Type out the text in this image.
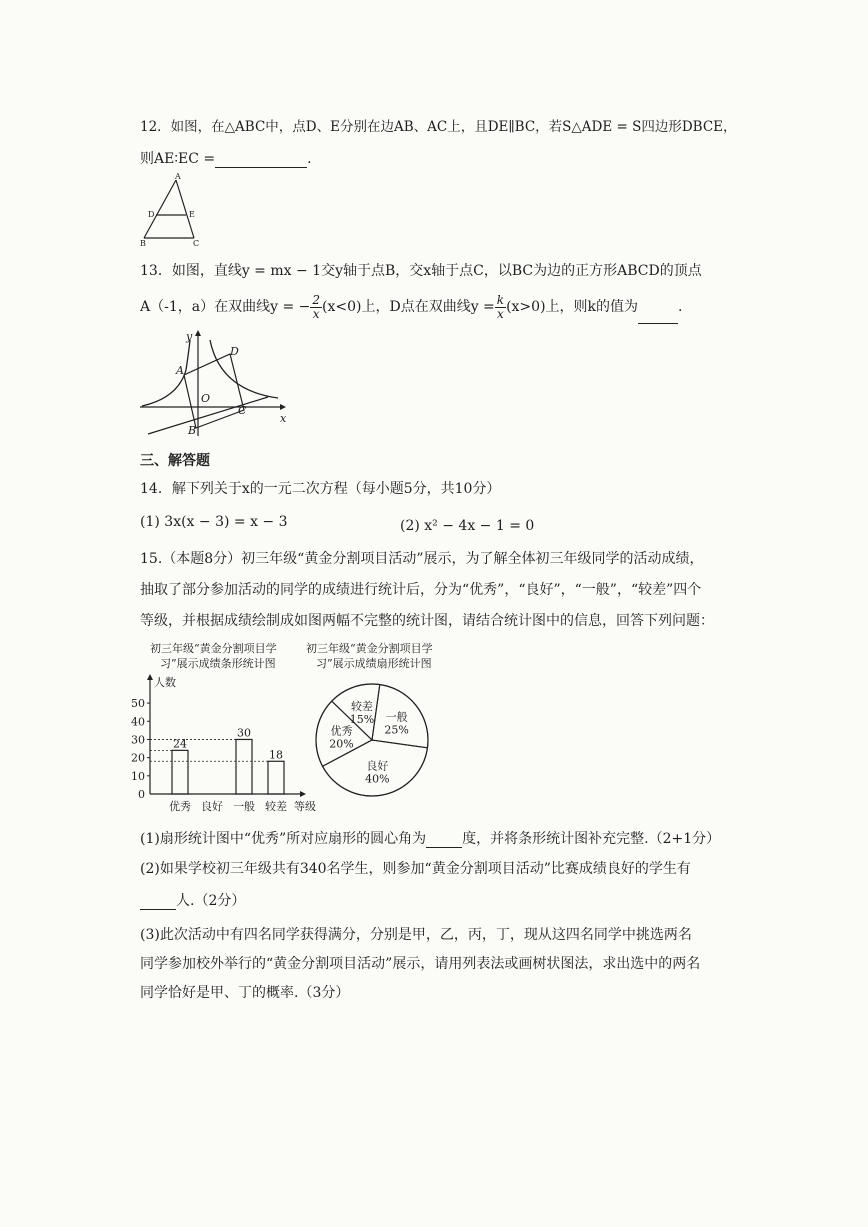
12．如图，在△ABC中，点D、E分别在边AB、AC上，且DE∥BC，若S△ADE = S四边形DBCE，
则AE∶EC =	.
A
D	E
B	C
13．如图，直线y = mx − 1交y轴于点B，交x轴于点C，以BC为边的正方形ABCD的顶点
A（-1，a）在双曲线y = − $\frac{2}{x} (x<0)$上，D点在双曲线$y = \frac{k}{x} (x>0)$上，则k的值为	.
y
x
O
A
B
C
D
三、解答题
14．解下列关于x的一元二次方程（每小题5分，共10分）
(1) 3x(x − 3) = x − 3	(2) x² − 4x − 1 = 0
15.（本题8分）初三年级“黄金分割项目活动”展示，为了解全体初三年级同学的活动成绩，
抽取了部分参加活动的同学的成绩进行统计后，分为“优秀”，“良好”，“一般”，“较差”四个
等级，并根据成绩绘制成如图两幅不完整的统计图，请结合统计图中的信息，回答下列问题：
初三年级“黄金分割项目学
习”展示成绩条形统计图
初三年级“黄金分割项目学
习”展示成绩扇形统计图
0
10
20
30
40
50
人数
等级
24
优秀 良好
30
一般
18
较差
一般
25%
良好
40%
优秀
20%
较差
15%
(1)扇形统计图中“优秀”所对应扇形的圆心角为	度，并将条形统计图补充完整.（2+1分）
(2)如果学校初三年级共有340名学生，则参加“黄金分割项目活动”比赛成绩良好的学生有
人.（2分）
(3)此次活动中有四名同学获得满分，分别是甲，乙，丙，丁，现从这四名同学中挑选两名
同学参加校外举行的“黄金分割项目活动”展示，请用列表法或画树状图法，求出选中的两名
同学恰好是甲、丁的概率.（3分）
